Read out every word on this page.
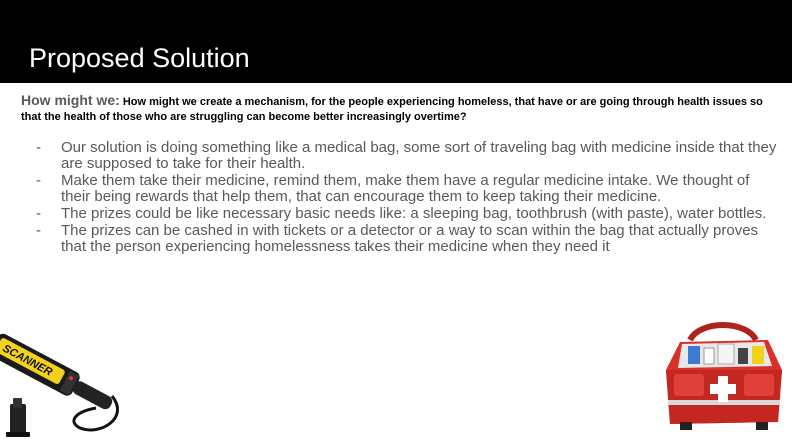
Proposed Solution
How might we: How might we create a mechanism, for the people experiencing homeless, that have or are going through health issues so that the health of those who are struggling can become better increasingly overtime?
- Our solution is doing something like a medical bag, some sort of traveling bag with medicine inside that they are supposed to take for their health.
- Make them take their medicine, remind them, make them have a regular medicine intake. We thought of their being rewards that help them, that can encourage them to keep taking their medicine.
- The prizes could be like necessary basic needs like: a sleeping bag, toothbrush (with paste), water bottles.
- The prizes can be cashed in with tickets or a detector or a way to scan within the bag that actually proves that the person experiencing homelessness takes their medicine when they need it
SCANNER
